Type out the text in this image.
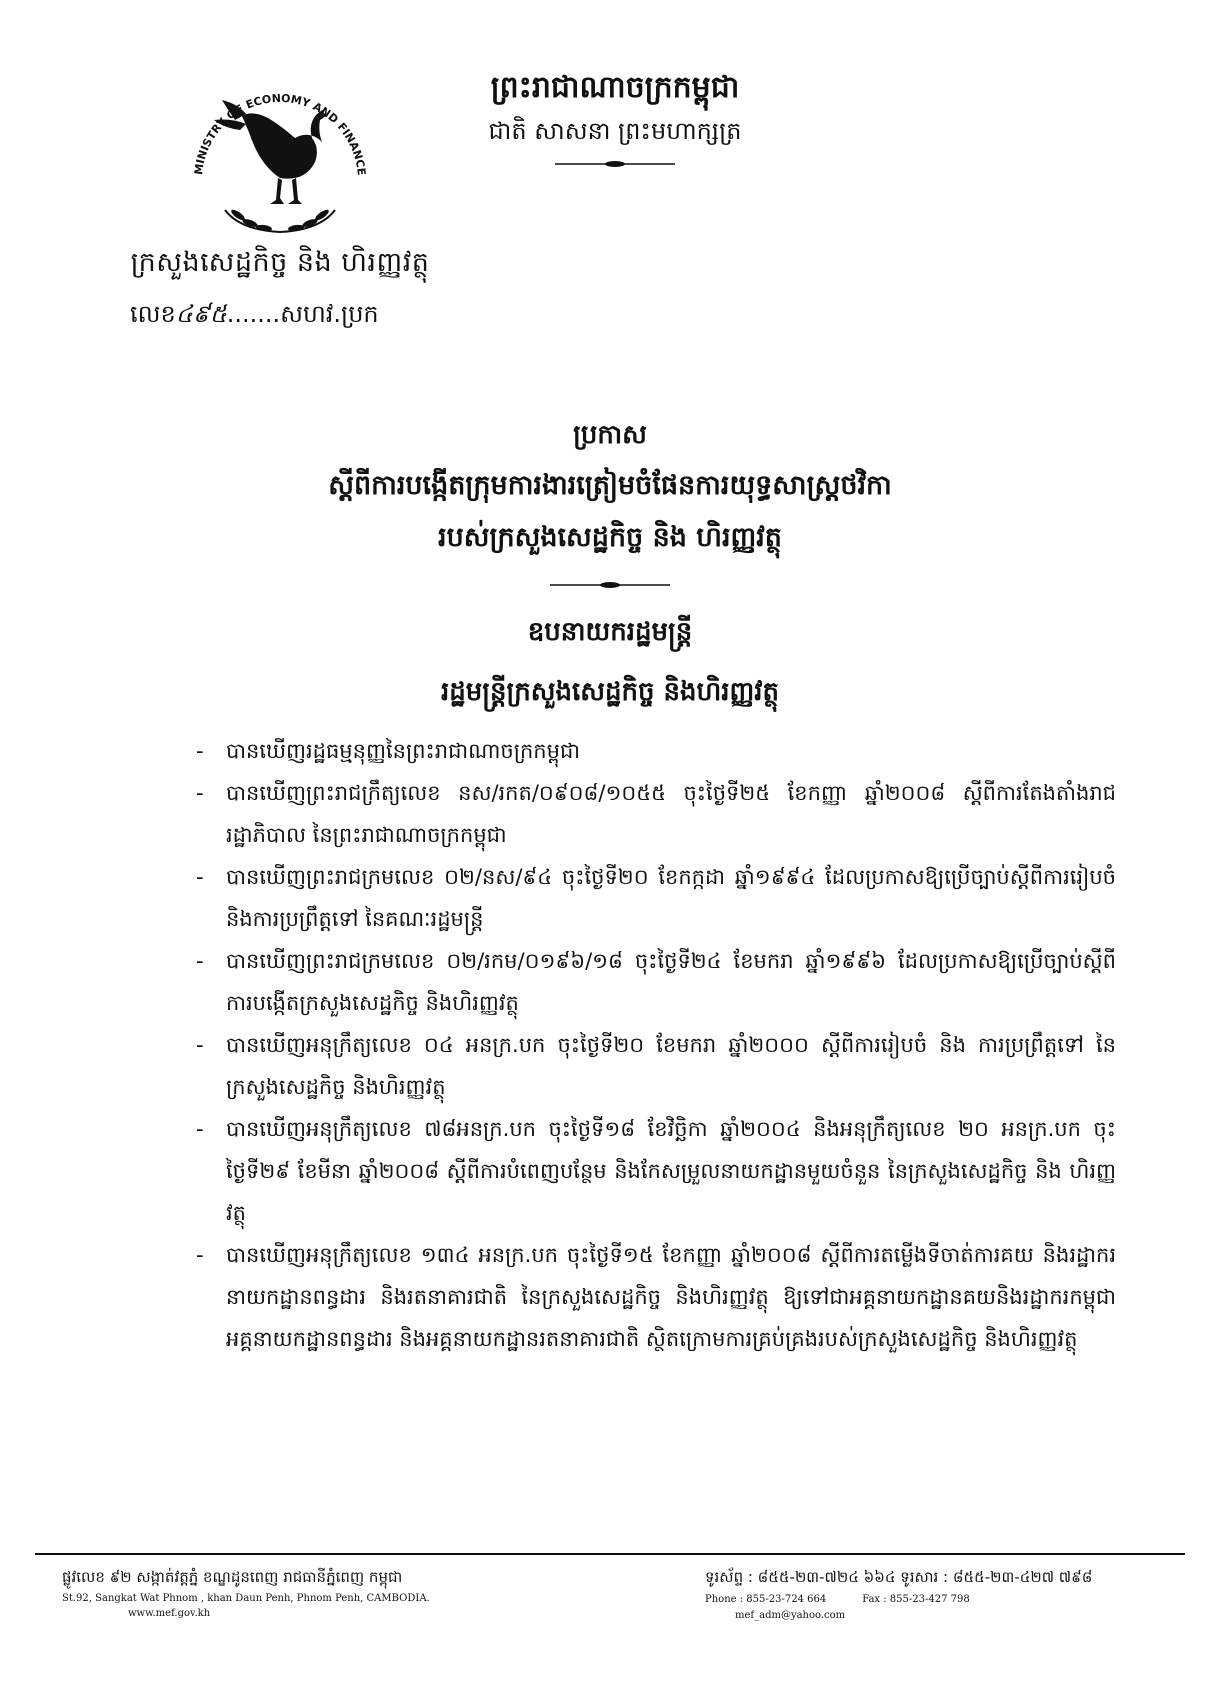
MINISTRY OF ECONOMY AND FINANCE
ក្រសួងសេដ្ឋកិច្ច និង ហិរញ្ញវត្ថុ
លេខ៤៩៥.......សហវ.ប្រក
ព្រះរាជាណាចក្រកម្ពុជា
ជាតិ សាសនា ព្រះមហាក្សត្រ
ប្រកាស
ស្តីពីការបង្កើតក្រុមការងារត្រៀមចំផែនការយុទ្ធសាស្ត្រថវិកា
របស់ក្រសួងសេដ្ឋកិច្ច និង ហិរញ្ញវត្ថុ
ឧបនាយករដ្ឋមន្ត្រី
រដ្ឋមន្ត្រីក្រសួងសេដ្ឋកិច្ច និងហិរញ្ញវត្ថុ
- បានឃើញរដ្ឋធម្មនុញ្ញនៃព្រះរាជាណាចក្រកម្ពុជា
- បានឃើញព្រះរាជក្រឹត្យលេខ នស/រកត/០៩០៨/១០៥៥ ចុះថ្ងៃទី២៥ ខែកញ្ញា ឆ្នាំ២០០៨ ស្តីពីការតែងតាំងរាជរដ្ឋាភិបាល នៃព្រះរាជាណាចក្រកម្ពុជា
- បានឃើញព្រះរាជក្រមលេខ ០២/នស/៩៤ ចុះថ្ងៃទី២០ ខែកក្កដា ឆ្នាំ១៩៩៤ ដែលប្រកាសឱ្យប្រើច្បាប់ស្តីពីការរៀបចំ និងការប្រព្រឹត្តទៅ នៃគណៈរដ្ឋមន្ត្រី
- បានឃើញព្រះរាជក្រមលេខ ០២/រកម/០១៩៦/១៨ ចុះថ្ងៃទី២៤ ខែមករា ឆ្នាំ១៩៩៦ ដែលប្រកាសឱ្យប្រើច្បាប់ស្តីពីការបង្កើតក្រសួងសេដ្ឋកិច្ច និងហិរញ្ញវត្ថុ
- បានឃើញអនុក្រឹត្យលេខ ០៤ អនក្រ.បក ចុះថ្ងៃទី២០ ខែមករា ឆ្នាំ២០០០ ស្តីពីការរៀបចំ និង ការប្រព្រឹត្តទៅ នៃក្រសួងសេដ្ឋកិច្ច និងហិរញ្ញវត្ថុ
- បានឃើញអនុក្រឹត្យលេខ ៧៨អនក្រ.បក ចុះថ្ងៃទី១៨ ខែវិច្ឆិកា ឆ្នាំ២០០៤ និងអនុក្រឹត្យលេខ ២០ អនក្រ.បក ចុះថ្ងៃទី២៩ ខែមីនា ឆ្នាំ២០០៨ ស្តីពីការបំពេញបន្ថែម និងកែសម្រួលនាយកដ្ឋានមួយចំនួន នៃក្រសួងសេដ្ឋកិច្ច និង ហិរញ្ញវត្ថុ
- បានឃើញអនុក្រឹត្យលេខ ១៣៤ អនក្រ.បក ចុះថ្ងៃទី១៥ ខែកញ្ញា ឆ្នាំ២០០៨ ស្តីពីការតម្លើងទីចាត់ការគយ និងរដ្ឋាករ នាយកដ្ឋានពន្ធដារ និងរតនាគារជាតិ នៃក្រសួងសេដ្ឋកិច្ច និងហិរញ្ញវត្ថុ ឱ្យទៅជាអគ្គនាយកដ្ឋានគយនិងរដ្ឋាករកម្ពុជា អគ្គនាយកដ្ឋានពន្ធដារ និងអគ្គនាយកដ្ឋានរតនាគារជាតិ ស្ថិតក្រោមការគ្រប់គ្រងរបស់ក្រសួងសេដ្ឋកិច្ច និងហិរញ្ញវត្ថុ
ផ្លូវលេខ ៩២ សង្កាត់វត្តភ្នំ ខណ្ឌដូនពេញ រាជធានីភ្នំពេញ កម្ពុជា
St.92, Sangkat Wat Phnom , khan Daun Penh, Phnom Penh, CAMBODIA.
www.mef.gov.kh
ទូរស័ព្ទ : ៨៥៥-២៣-៧២៤ ៦៦៤ ទូរសារ : ៨៥៥-២៣-៤២៧ ៧៩៨
Phone : 855-23-724 664	Fax : 855-23-427 798
mef_adm@yahoo.com
